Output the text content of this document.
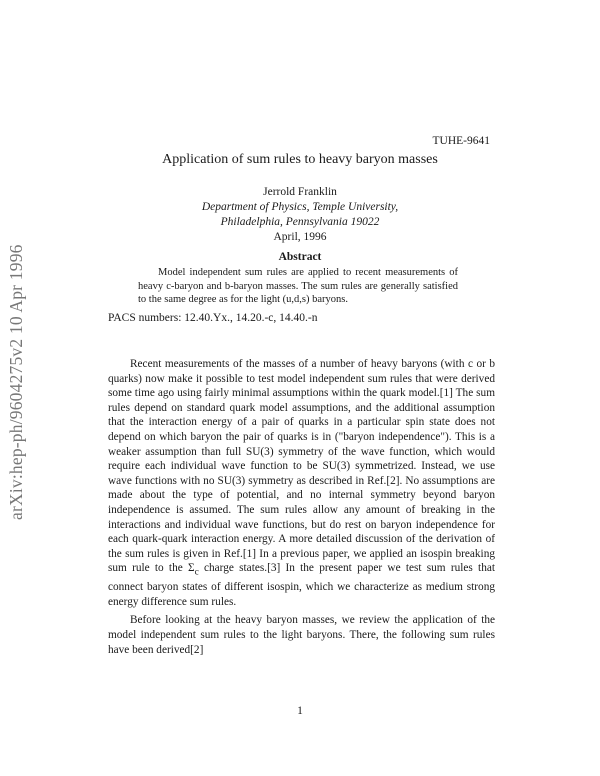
arXiv:hep-ph/9604275v2 10 Apr 1996
TUHE-9641
Application of sum rules to heavy baryon masses
Jerrold Franklin
Department of Physics, Temple University,
Philadelphia, Pennsylvania 19022
April, 1996
Abstract
Model independent sum rules are applied to recent measurements of heavy c-baryon and b-baryon masses. The sum rules are generally satisfied to the same degree as for the light (u,d,s) baryons.
PACS numbers: 12.40.Yx., 14.20.-c, 14.40.-n

Recent measurements of the masses of a number of heavy baryons (with c or b quarks) now make it possible to test model independent sum rules that were derived some time ago using fairly minimal assumptions within the quark model.[1] The sum rules depend on standard quark model assumptions, and the additional assumption that the interaction energy of a pair of quarks in a particular spin state does not depend on which baryon the pair of quarks is in ("baryon independence"). This is a weaker assumption than full SU(3) symmetry of the wave function, which would require each individual wave function to be SU(3) symmetrized. Instead, we use wave functions with no SU(3) symmetry as described in Ref.[2]. No assumptions are made about the type of potential, and no internal symmetry beyond baryon independence is assumed. The sum rules allow any amount of breaking in the interactions and individual wave functions, but do rest on baryon independence for each quark-quark interaction energy. A more detailed discussion of the derivation of the sum rules is given in Ref.[1] In a previous paper, we applied an isospin breaking sum rule to the $\Sigma_c$ charge states.[3] In the present paper we test sum rules that connect baryon states of different isospin, which we characterize as medium strong energy difference sum rules.

Before looking at the heavy baryon masses, we review the application of the model independent sum rules to the light baryons. There, the following sum rules have been derived[2]

1
